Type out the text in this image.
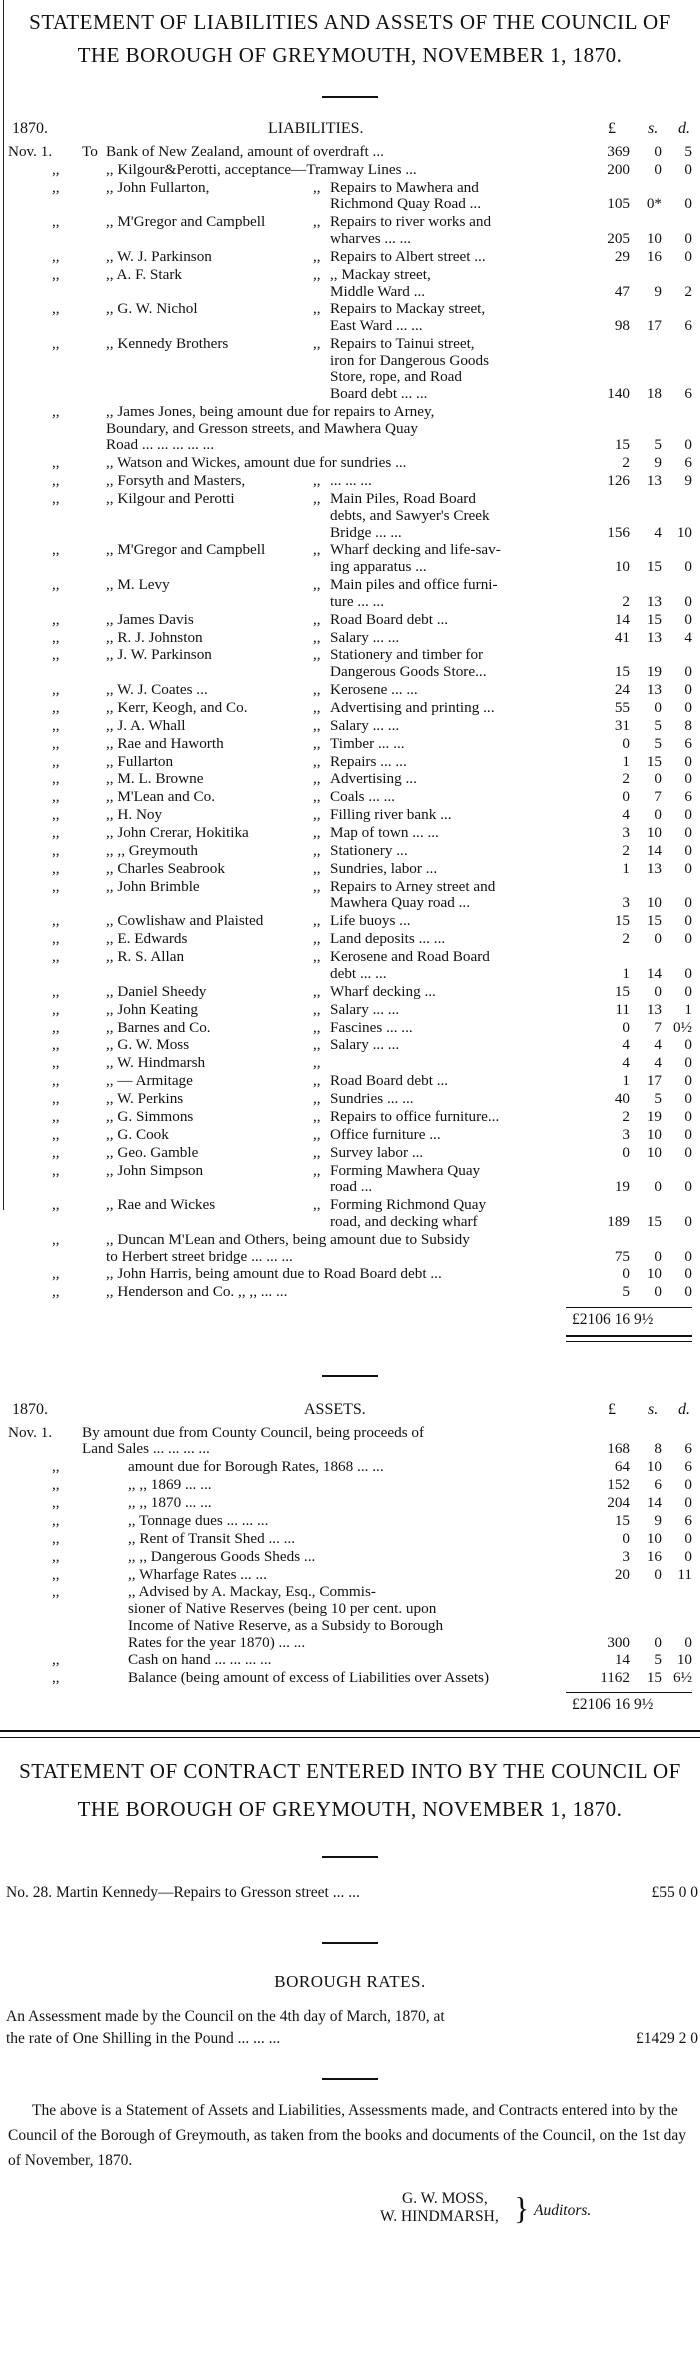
STATEMENT OF LIABILITIES AND ASSETS OF THE COUNCIL OF
THE BOROUGH OF GREYMOUTH, NOVEMBER 1, 1870.
1870.	LIABILITIES.	£ s. d.
Nov. 1.	To Bank of New Zealand, amount of overdraft ...	369	0	5
,,	,, Kilgour&Perotti, acceptance—Tramway Lines ...	200	0	0
,,	,, John Fullarton,	,, Repairs to Mawhera and
Richmond Quay Road ...	105	0*	0
,,	,, M'Gregor and Campbell	,, Repairs to river works and
wharves ... ...	205	10	0
,,	,, W. J. Parkinson	,, Repairs to Albert street ...	29	16	0
,,	,, A. F. Stark	,, ,, Mackay street,
Middle Ward ...	47	9	2
,,	,, G. W. Nichol	,, Repairs to Mackay street,
East Ward ... ...	98	17	6
,,	,, Kennedy Brothers	,, Repairs to Tainui street,
iron for Dangerous Goods
Store, rope, and Road
Board debt ... ...	140	18	6
,,	,, James Jones, being amount due for repairs to Arney,
Boundary, and Gresson streets, and Mawhera Quay
Road ... ... ... ... ...	15	5	0
,,	,, Watson and Wickes, amount due for sundries ...	2	9	6
,,	,, Forsyth and Masters,	,, ... ... ...	126	13	9
,,	,, Kilgour and Perotti	,, Main Piles, Road Board
debts, and Sawyer's Creek
Bridge ... ...	156	4 10
,,	,, M'Gregor and Campbell	,, Wharf decking and life-sav-
ing apparatus ...	10	15	0
,,	,, M. Levy	,, Main piles and office furni-
ture ... ...	2	13	0
,,	,, James Davis	,, Road Board debt ...	14	15	0
,,	,, R. J. Johnston	,, Salary ... ...	41	13	4
,,	,, J. W. Parkinson	,, Stationery and timber for
Dangerous Goods Store...	15	19	0
,,	,, W. J. Coates ...	,, Kerosene ... ...	24	13	0
,,	,, Kerr, Keogh, and Co.	,, Advertising and printing ...	55	0	0
,,	,, J. A. Whall	,, Salary ... ...	31	5	8
,,	,, Rae and Haworth	,, Timber ... ...	0	5	6
,,	,, Fullarton	,, Repairs ... ...	1	15	0
,,	,, M. L. Browne	,, Advertising ...	2	0	0
,,	,, M'Lean and Co.	,, Coals ... ...	0	7	6
,,	,, H. Noy	,, Filling river bank ...	4	0	0
,,	,, John Crerar, Hokitika	,, Map of town ... ...	3	10	0
,,	,, ,, Greymouth	,, Stationery ...	2	14	0
,,	,, Charles Seabrook	,, Sundries, labor ...	1	13	0
,,	,, John Brimble	,, Repairs to Arney street and
Mawhera Quay road ...	3	10	0
,,	,, Cowlishaw and Plaisted	,, Life buoys ...	15	15	0
,,	,, E. Edwards	,, Land deposits ... ...	2	0	0
,,	,, R. S. Allan	,, Kerosene and Road Board
debt ... ...	1	14	0
,,	,, Daniel Sheedy	,, Wharf decking ...	15	0	0
,,	,, John Keating	,, Salary ... ...	11	13	1
,,	,, Barnes and Co.	,, Fascines ... ...	0	7 0½
,,	,, G. W. Moss	,, Salary ... ...	4	4	0
,,	,, W. Hindmarsh	,,	4	4	0
,,	,, — Armitage	,, Road Board debt ...	1	17	0
,,	,, W. Perkins	,, Sundries ... ...	40	5	0
,,	,, G. Simmons	,, Repairs to office furniture...	2	19	0
,,	,, G. Cook	,, Office furniture ...	3	10	0
,,	,, Geo. Gamble	,, Survey labor ...	0	10	0
,,	,, John Simpson	,, Forming Mawhera Quay
road ...	19	0	0
,,	,, Rae and Wickes	,, Forming Richmond Quay
road, and decking wharf	189	15	0
,,	,, Duncan M'Lean and Others, being amount due to Subsidy
to Herbert street bridge ... ... ...	75	0	0
,,	,, John Harris, being amount due to Road Board debt ...	0	10	0
,,	,, Henderson and Co. ,, ,, ... ...	5	0	0
£2106 16 9½
1870.	ASSETS.	£ s. d.
Nov. 1. By amount due from County Council, being proceeds of
Land Sales ... ... ... ...	168	8	6
,,	amount due for Borough Rates, 1868 ... ...	64	10	6
,,	,, ,, 1869 ... ...	152	6	0
,,	,, ,, 1870 ... ...	204	14	0
,,	,, Tonnage dues ... ... ...	15	9	6
,,	,, Rent of Transit Shed ... ...	0	10	0
,,	,, ,, Dangerous Goods Sheds ...	3	16	0
,,	,, Wharfage Rates ... ...	20	0	11
,,	,, Advised by A. Mackay, Esq., Commis-
sioner of Native Reserves (being 10 per cent. upon
Income of Native Reserve, as a Subsidy to Borough
Rates for the year 1870) ... ...	300	0	0
,,	Cash on hand ... ... ... ...	14	5 10
,,	Balance (being amount of excess of Liabilities over Assets)	1162	15 6½
£2106 16 9½
STATEMENT OF CONTRACT ENTERED INTO BY THE COUNCIL OF
THE BOROUGH OF GREYMOUTH, NOVEMBER 1, 1870.
No. 28. Martin Kennedy—Repairs to Gresson street ... ...	£55 0 0
BOROUGH RATES.
An Assessment made by the Council on the 4th day of March, 1870, at
the rate of One Shilling in the Pound ... ... ...	£1429 2 0
The above is a Statement of Assets and Liabilities, Assessments made, and Contracts entered into by the Council of the Borough of Greymouth, as taken from the books and documents of the Council, on the 1st day of November, 1870.
G. W. MOSS,
W. HINDMARSH, } Auditors.
